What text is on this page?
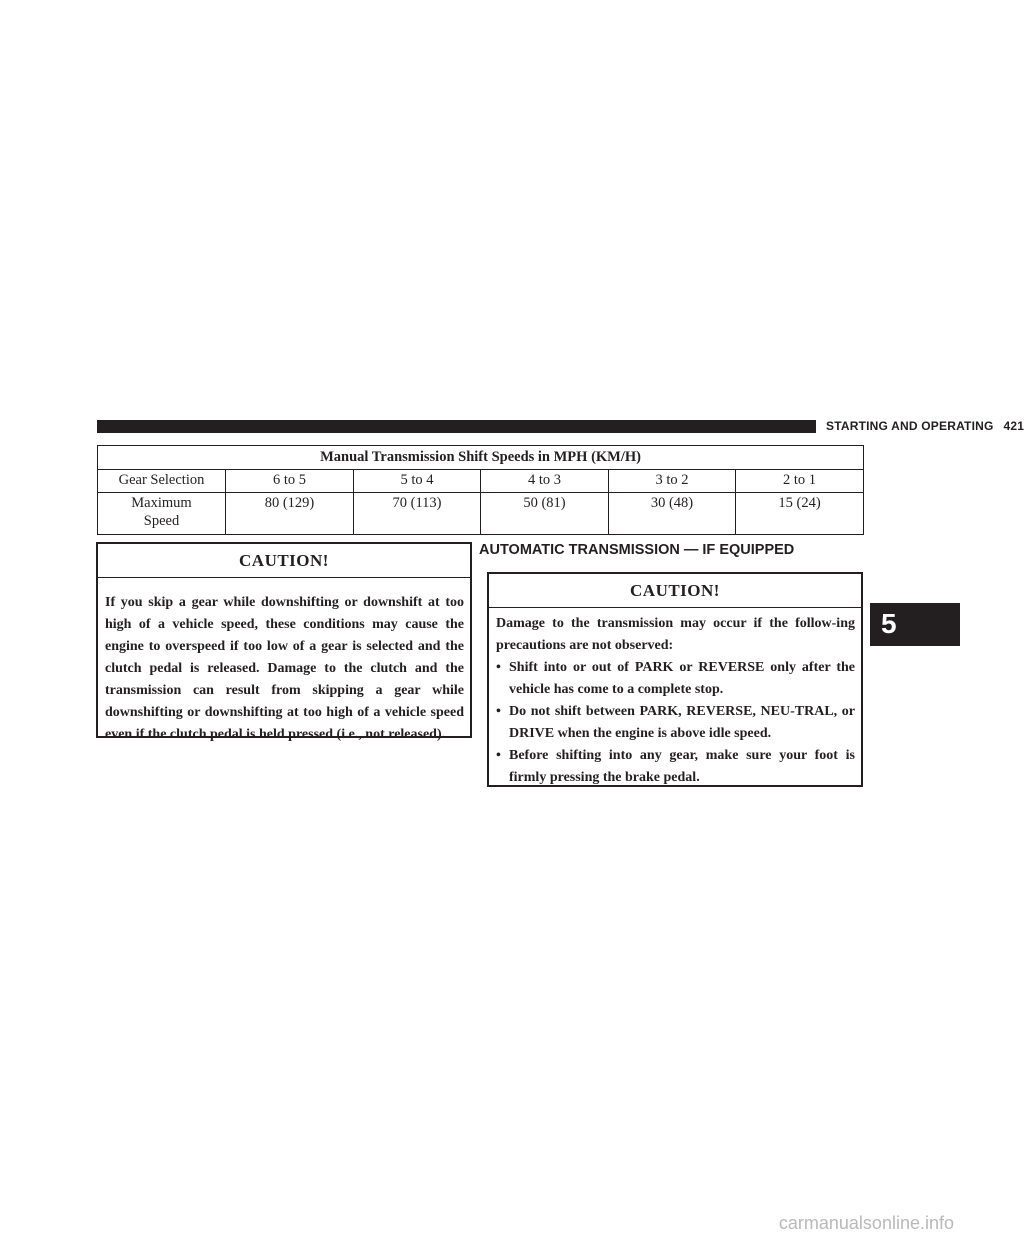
STARTING AND OPERATING 421
Manual Transmission Shift Speeds in MPH (KM/H)					
Gear Selection	6 to 5	5 to 4	4 to 3	3 to 2	2 to 1
Maximum
Speed	80 (129)	70 (113)	50 (81)	30 (48)	15 (24)
CAUTION!
If you skip a gear while downshifting or downshift at too high of a vehicle speed, these conditions may cause the engine to overspeed if too low of a gear is selected and the clutch pedal is released. Damage to the clutch and the transmission can result from skipping a gear while downshifting or downshifting at too high of a vehicle speed even if the clutch pedal is held pressed (i.e., not released).
AUTOMATIC TRANSMISSION — IF EQUIPPED
CAUTION!
Damage to the transmission may occur if the follow-ing precautions are not observed:
• Shift into or out of PARK or REVERSE only after the vehicle has come to a complete stop.
• Do not shift between PARK, REVERSE, NEU-TRAL, or DRIVE when the engine is above idle speed.
• Before shifting into any gear, make sure your foot is firmly pressing the brake pedal.
5
carmanualsonline.info
